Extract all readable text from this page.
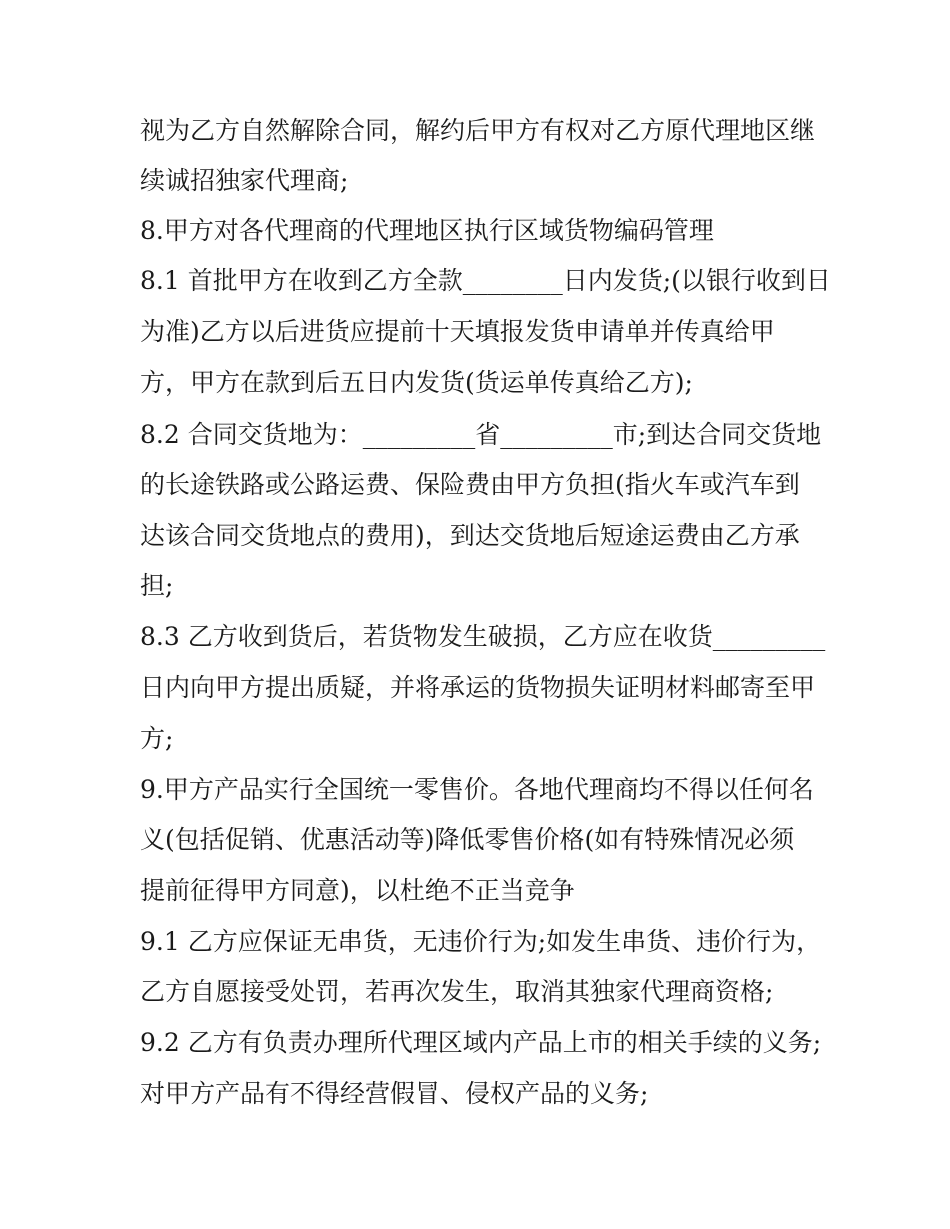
视为乙方自然解除合同，解约后甲方有权对乙方原代理地区继
续诚招独家代理商;
8.甲方对各代理商的代理地区执行区域货物编码管理
8.1 首批甲方在收到乙方全款________日内发货;(以银行收到日
为准)乙方以后进货应提前十天填报发货申请单并传真给甲
方，甲方在款到后五日内发货(货运单传真给乙方);
8.2 合同交货地为：_________省_________市;到达合同交货地
的长途铁路或公路运费、保险费由甲方负担(指火车或汽车到
达该合同交货地点的费用)，到达交货地后短途运费由乙方承
担;
8.3 乙方收到货后，若货物发生破损，乙方应在收货_________
日内向甲方提出质疑，并将承运的货物损失证明材料邮寄至甲
方;
9.甲方产品实行全国统一零售价。各地代理商均不得以任何名
义(包括促销、优惠活动等)降低零售价格(如有特殊情况必须
提前征得甲方同意)，以杜绝不正当竞争
9.1 乙方应保证无串货，无违价行为;如发生串货、违价行为，
乙方自愿接受处罚，若再次发生，取消其独家代理商资格;
9.2 乙方有负责办理所代理区域内产品上市的相关手续的义务;
对甲方产品有不得经营假冒、侵权产品的义务;
